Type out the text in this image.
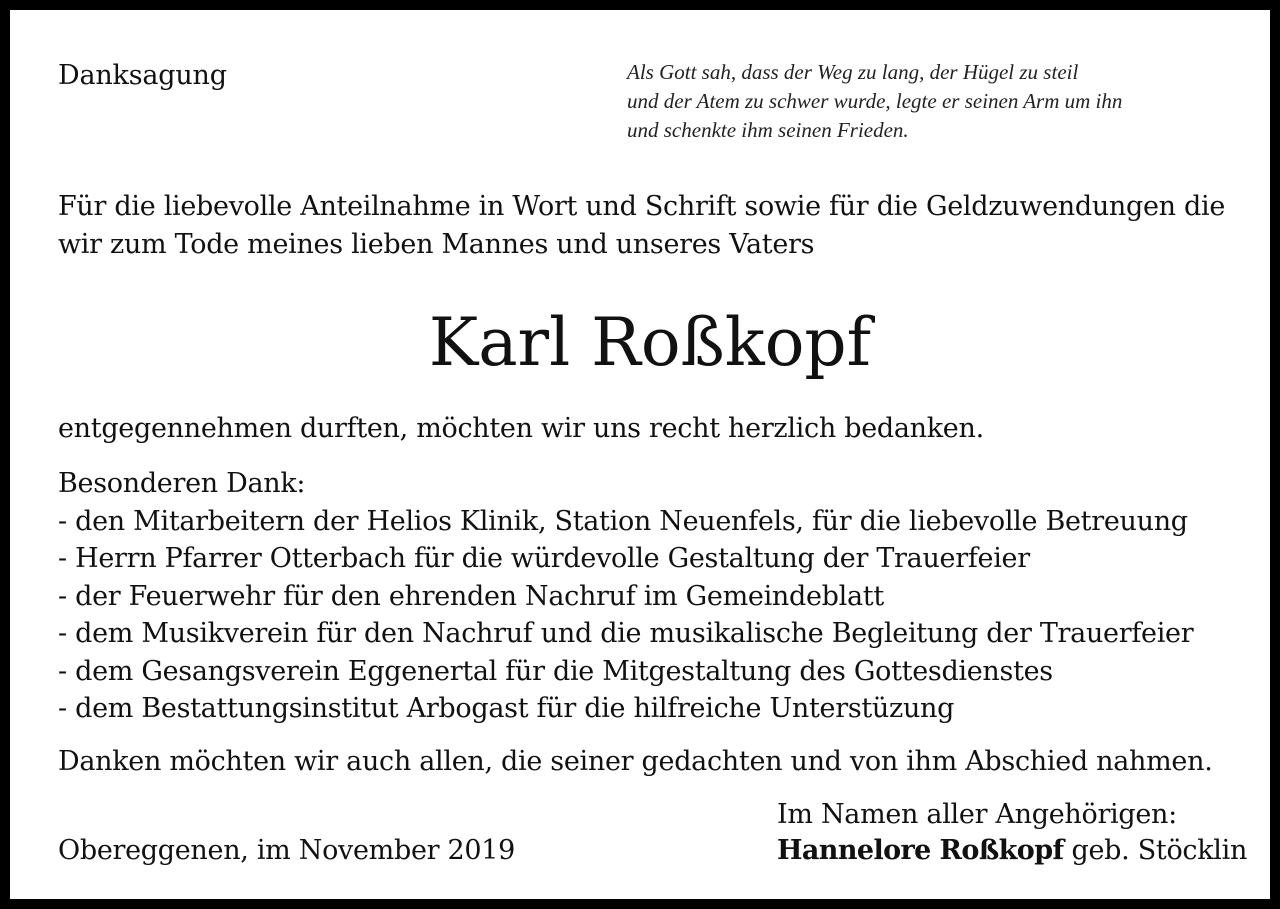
Danksagung	Als Gott sah, dass der Weg zu lang, der Hügel zu steil
und der Atem zu schwer wurde, legte er seinen Arm um ihn
und schenkte ihm seinen Frieden.
Für die liebevolle Anteilnahme in Wort und Schrift sowie für die Geldzuwendungen die
wir zum Tode meines lieben Mannes und unseres Vaters
Karl Roßkopf
entgegennehmen durften, möchten wir uns recht herzlich bedanken.
Besonderen Dank:
- den Mitarbeitern der Helios Klinik, Station Neuenfels, für die liebevolle Betreuung
- Herrn Pfarrer Otterbach für die würdevolle Gestaltung der Trauerfeier
- der Feuerwehr für den ehrenden Nachruf im Gemeindeblatt
- dem Musikverein für den Nachruf und die musikalische Begleitung der Trauerfeier
- dem Gesangsverein Eggenertal für die Mitgestaltung des Gottesdienstes
- dem Bestattungsinstitut Arbogast für die hilfreiche Unterstüzung
Danken möchten wir auch allen, die seiner gedachten und von ihm Abschied nahmen.
Obereggenen, im November 2019
Im Namen aller Angehörigen:
Hannelore Roßkopf geb. Stöcklin
